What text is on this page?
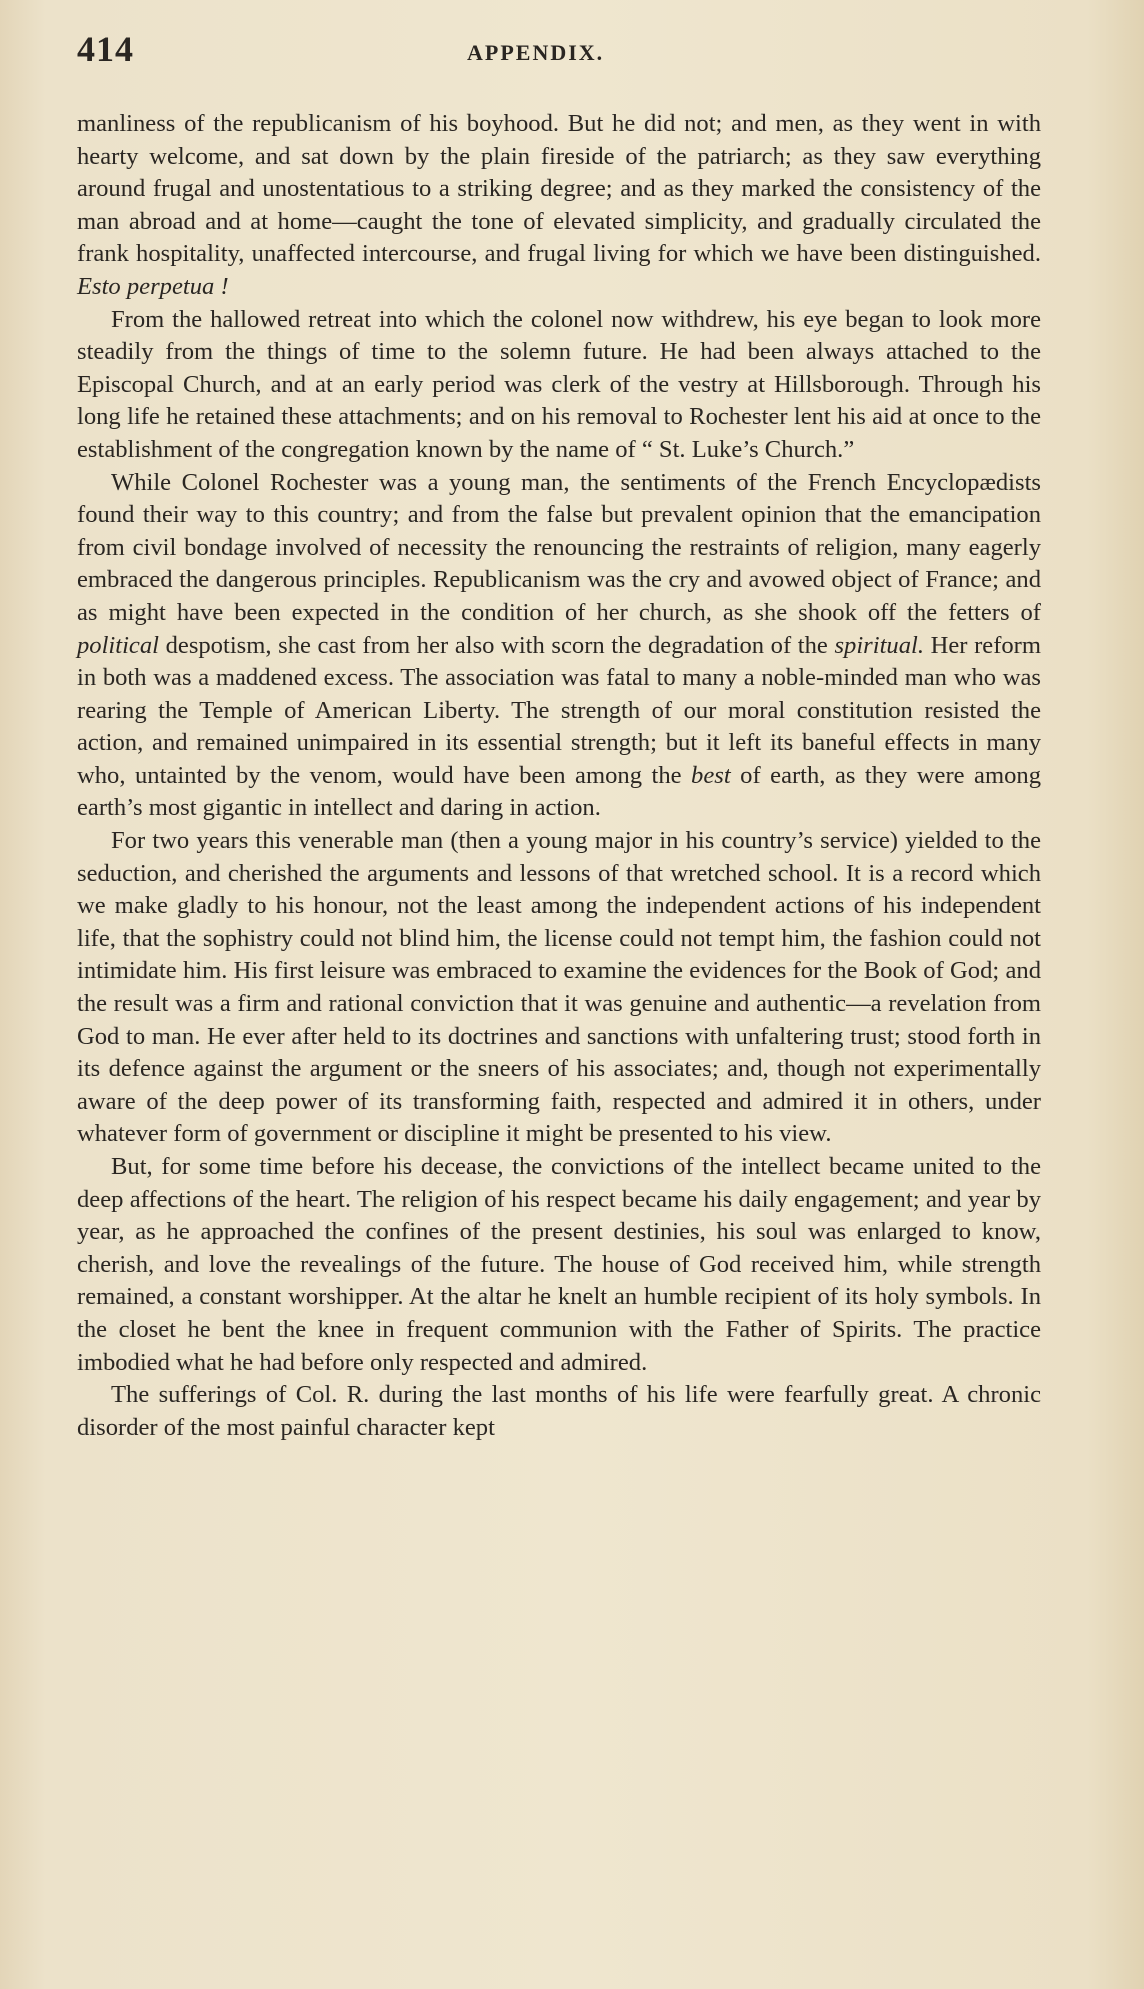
414	APPENDIX.

manliness of the republicanism of his boyhood. But he did not; and men, as they went in with hearty welcome, and sat down by the plain fireside of the patriarch; as they saw everything around frugal and unostentatious to a striking degree; and as they marked the consistency of the man abroad and at home—caught the tone of elevated simplicity, and gradually circulated the frank hospitality, unaffected intercourse, and frugal living for which we have been distinguished. Esto perpetua !

From the hallowed retreat into which the colonel now withdrew, his eye began to look more steadily from the things of time to the solemn future. He had been always attached to the Episcopal Church, and at an early period was clerk of the vestry at Hillsborough. Through his long life he retained these attachments; and on his removal to Rochester lent his aid at once to the establishment of the congregation known by the name of “ St. Luke’s Church.”

While Colonel Rochester was a young man, the sentiments of the French Encyclopædists found their way to this country; and from the false but prevalent opinion that the emancipation from civil bondage involved of necessity the renouncing the restraints of religion, many eagerly embraced the dangerous principles. Republicanism was the cry and avowed object of France; and as might have been expected in the condition of her church, as she shook off the fetters of political despotism, she cast from her also with scorn the degradation of the spiritual. Her reform in both was a maddened excess. The association was fatal to many a noble-minded man who was rearing the Temple of American Liberty. The strength of our moral constitution resisted the action, and remained unimpaired in its essential strength; but it left its baneful effects in many who, untainted by the venom, would have been among the best of earth, as they were among earth’s most gigantic in intellect and daring in action.

For two years this venerable man (then a young major in his country’s service) yielded to the seduction, and cherished the arguments and lessons of that wretched school. It is a record which we make gladly to his honour, not the least among the independent actions of his independent life, that the sophistry could not blind him, the license could not tempt him, the fashion could not intimidate him. His first leisure was embraced to examine the evidences for the Book of God; and the result was a firm and rational conviction that it was genuine and authentic—a revelation from God to man. He ever after held to its doctrines and sanctions with unfaltering trust; stood forth in its defence against the argument or the sneers of his associates; and, though not experimentally aware of the deep power of its transforming faith, respected and admired it in others, under whatever form of government or discipline it might be presented to his view.

But, for some time before his decease, the convictions of the intellect became united to the deep affections of the heart. The religion of his respect became his daily engagement; and year by year, as he approached the confines of the present destinies, his soul was enlarged to know, cherish, and love the revealings of the future. The house of God received him, while strength remained, a constant worshipper. At the altar he knelt an humble recipient of its holy symbols. In the closet he bent the knee in frequent communion with the Father of Spirits. The practice imbodied what he had before only respected and admired.

The sufferings of Col. R. during the last months of his life were fearfully great. A chronic disorder of the most painful character kept
